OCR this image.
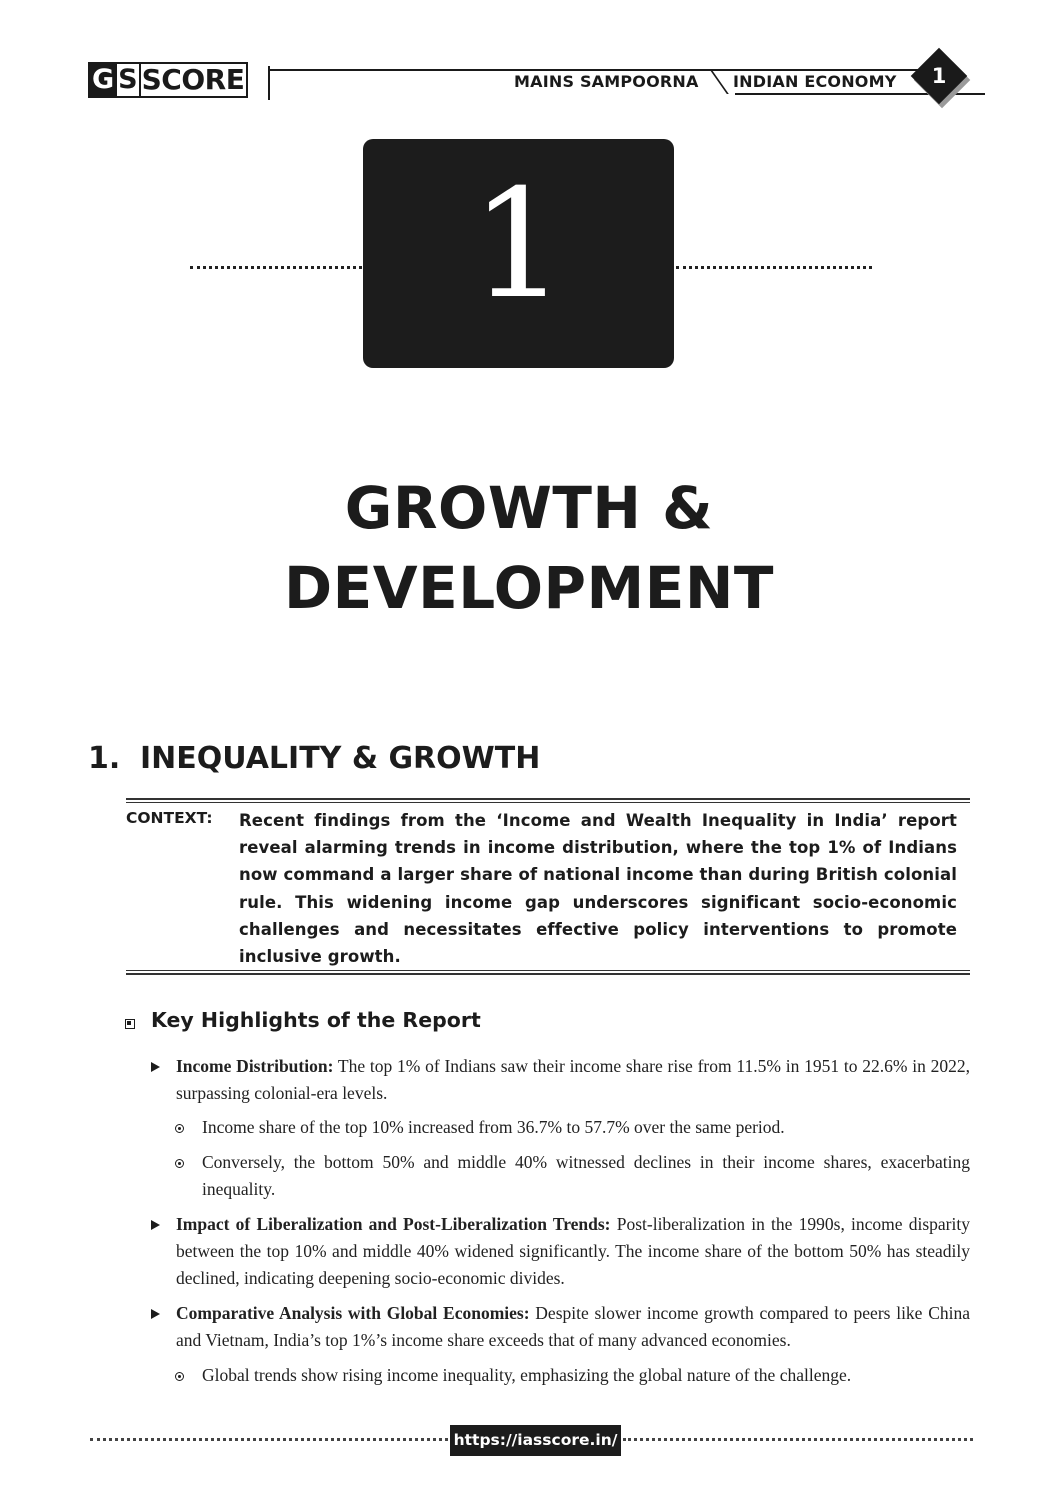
G S SCORE	MAINS SAMPOORNA INDIAN ECONOMY	1
1
GROWTH &
DEVELOPMENT
1. INEQUALITY & GROWTH
CONTEXT: Recent findings from the ‘Income and Wealth Inequality in India’ report reveal alarming trends in income distribution, where the top 1% of Indians now command a larger share of national income than during British colonial rule. This widening income gap underscores significant socio-economic challenges and necessitates effective policy interventions to promote inclusive growth.
Key Highlights of the Report
Income Distribution: The top 1% of Indians saw their income share rise from 11.5% in 1951 to 22.6% in 2022, surpassing colonial-era levels.
Income share of the top 10% increased from 36.7% to 57.7% over the same period.
Conversely, the bottom 50% and middle 40% witnessed declines in their income shares, exacerbating inequality.
Impact of Liberalization and Post-Liberalization Trends: Post-liberalization in the 1990s, income disparity between the top 10% and middle 40% widened significantly. The income share of the bottom 50% has steadily declined, indicating deepening socio-economic divides.
Comparative Analysis with Global Economies: Despite slower income growth compared to peers like China and Vietnam, India’s top 1%’s income share exceeds that of many advanced economies.
Global trends show rising income inequality, emphasizing the global nature of the challenge.
https://iasscore.in/
